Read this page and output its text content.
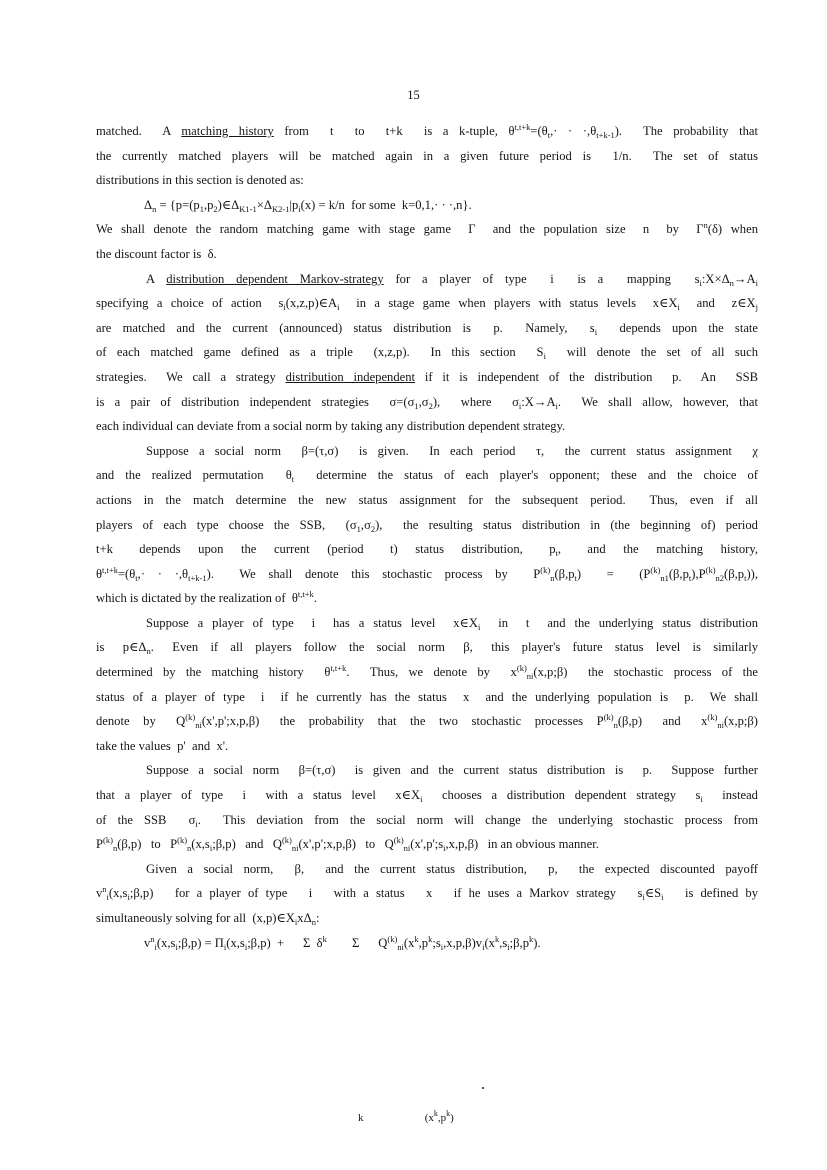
15
matched.  A matching history from  t  to  t+k  is a k-tuple, $\theta^{t,t+k}=(\theta_t,\cdot \cdot \cdot,\theta_{t+k-1})$.  The probability that
the currently matched players will be matched again in a given future period is  1/n.  The set of status
distributions in this section is denoted as:
$\Delta_n$ = {$p=(p_1,p_2)\in\Delta_{K1-1}\times\Delta_{K2-1}|p_i(x) = k/n$  for some  k=0,1,· · ·,n}.
We shall denote the random matching game with stage game  Γ  and the population size  n  by  $\Gamma^n(\delta)$ when
the discount factor is  δ.
A distribution dependent Markov-strategy for a player of type  i  is a  mapping  $s_i:X\times\Delta_n\to A_i$
specifying a choice of action  $s_i(x,z,p)\in A_i$  in a stage game when players with status levels  $x\in X_i$  and  $z\in X_j$
are matched and the current (announced) status distribution is  p.  Namely,  $s_i$  depends upon the state
of each matched game defined as a triple  (x,z,p).  In this section  $S_i$  will denote the set of all such
strategies.  We call a strategy distribution independent if it is independent of the distribution  p.  An  SSB
is a pair of distribution independent strategies  $\sigma=(\sigma_1,\sigma_2)$,  where  $\sigma_i:X\to A_i$.  We shall allow, however, that
each individual can deviate from a social norm by taking any distribution dependent strategy.
Suppose a social norm  β=(τ,σ)  is given.  In each period  τ,  the current status assignment  χ
and the realized permutation  $\theta_t$  determine the status of each player's opponent; these and the choice of
actions in the match determine the new status assignment for the subsequent period.  Thus, even if all
players of each type choose the SSB,  $(\sigma_1,\sigma_2)$,  the resulting status distribution in (the beginning of) period
t+k   depends  upon  the  current  (period   t)  status  distribution,   $p_t$,   and  the  matching  history,
$\theta^{t,t+k}=(\theta_t,\cdot \cdot \cdot,\theta_{t+k-1})$.  We shall denote this stochastic process by  $P^{(k)}_n(\beta,p_t) = (P^{(k)}_{n1}(\beta,p_t),P^{(k)}_{n2}(\beta,p_t))$,
which is dictated by the realization of  $\theta^{t,t+k}$.
Suppose a player of type  i  has a status level  $x\in X_i$  in  t  and the underlying status distribution
is   $p\in\Delta_n$.   Even  if  all  players  follow  the  social  norm   β,   this  player's  future  status  level  is  similarly
determined by the matching history  $\theta^{t,t+k}$.  Thus, we denote by  $x^{(k)}_{ni}(x,p;\beta)$  the stochastic process of the
status of a player of type  i  if he currently has the status  x  and the underlying population is  p.  We shall
denote  by   $Q^{(k)}_{ni}(x',p';x,p,\beta)$   the  probability  that  the  two  stochastic  processes  $P^{(k)}_n(\beta,p)$   and   $x^{(k)}_{ni}(x,p;\beta)$
take the values  p'  and  x'.
Suppose a social norm  β=(τ,σ)  is given and the current status distribution is  p.  Suppose further
that a player of type  i  with a status level  $x\in X_i$  chooses a distribution dependent strategy  $s_i$  instead
of the SSB  $\sigma_i$.  This deviation from the social norm will change the underlying stochastic process from
$P^{(k)}_n(\beta,p)$   to   $P^{(k)}_n(x,s_i;\beta,p)$   and   $Q^{(k)}_{ni}(x',p';x,p,\beta)$   to   $Q^{(k)}_{ni}(x',p';s_i,x,p,\beta)$   in an obvious manner.
Given a social norm,  β,  and the current status distribution,  p,  the expected discounted payoff
$v^n_i(x,s_i;\beta,p)$   for a player of type   i   with a status   x   if he uses a Markov strategy   $s_i\in S_i$   is defined by
simultaneously solving for all  $(x,p)\in X_ix\Delta_n$:
$v^n_i(x,s_i;\beta,p)$ = $\Pi_i(x,s_i;\beta,p)$  +      Σ  $\delta^k$        Σ      $Q^{(k)}_{ni}(x^k,p^k;s_i,x,p,\beta)v_i(x^k,s_i;\beta,p^k)$.
k	$(x^k,p^k)$
